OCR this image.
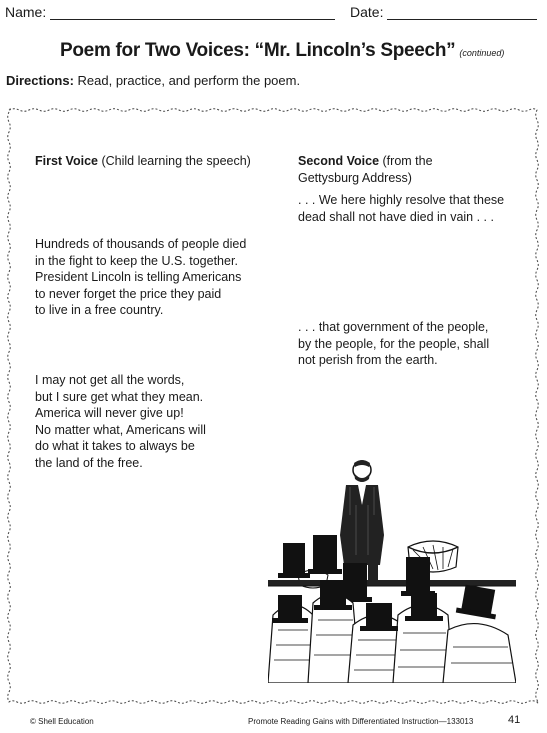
Name:	Date:
Poem for Two Voices: “Mr. Lincoln’s Speech” (continued)
Directions: Read, practice, and perform the poem.
First Voice (Child learning the speech)
Hundreds of thousands of people died
in the fight to keep the U.S. together.
President Lincoln is telling Americans
to never forget the price they paid
to live in a free country.
I may not get all the words,
but I sure get what they mean.
America will never give up!
No matter what, Americans will
do what it takes to always be
the land of the free.
Second Voice (from the
Gettysburg Address)
. . . We here highly resolve that these
dead shall not have died in vain . . .
. . . that government of the people,
by the people, for the people, shall
not perish from the earth.
© Shell Education	Promote Reading Gains with Differentiated Instruction—133013	41
